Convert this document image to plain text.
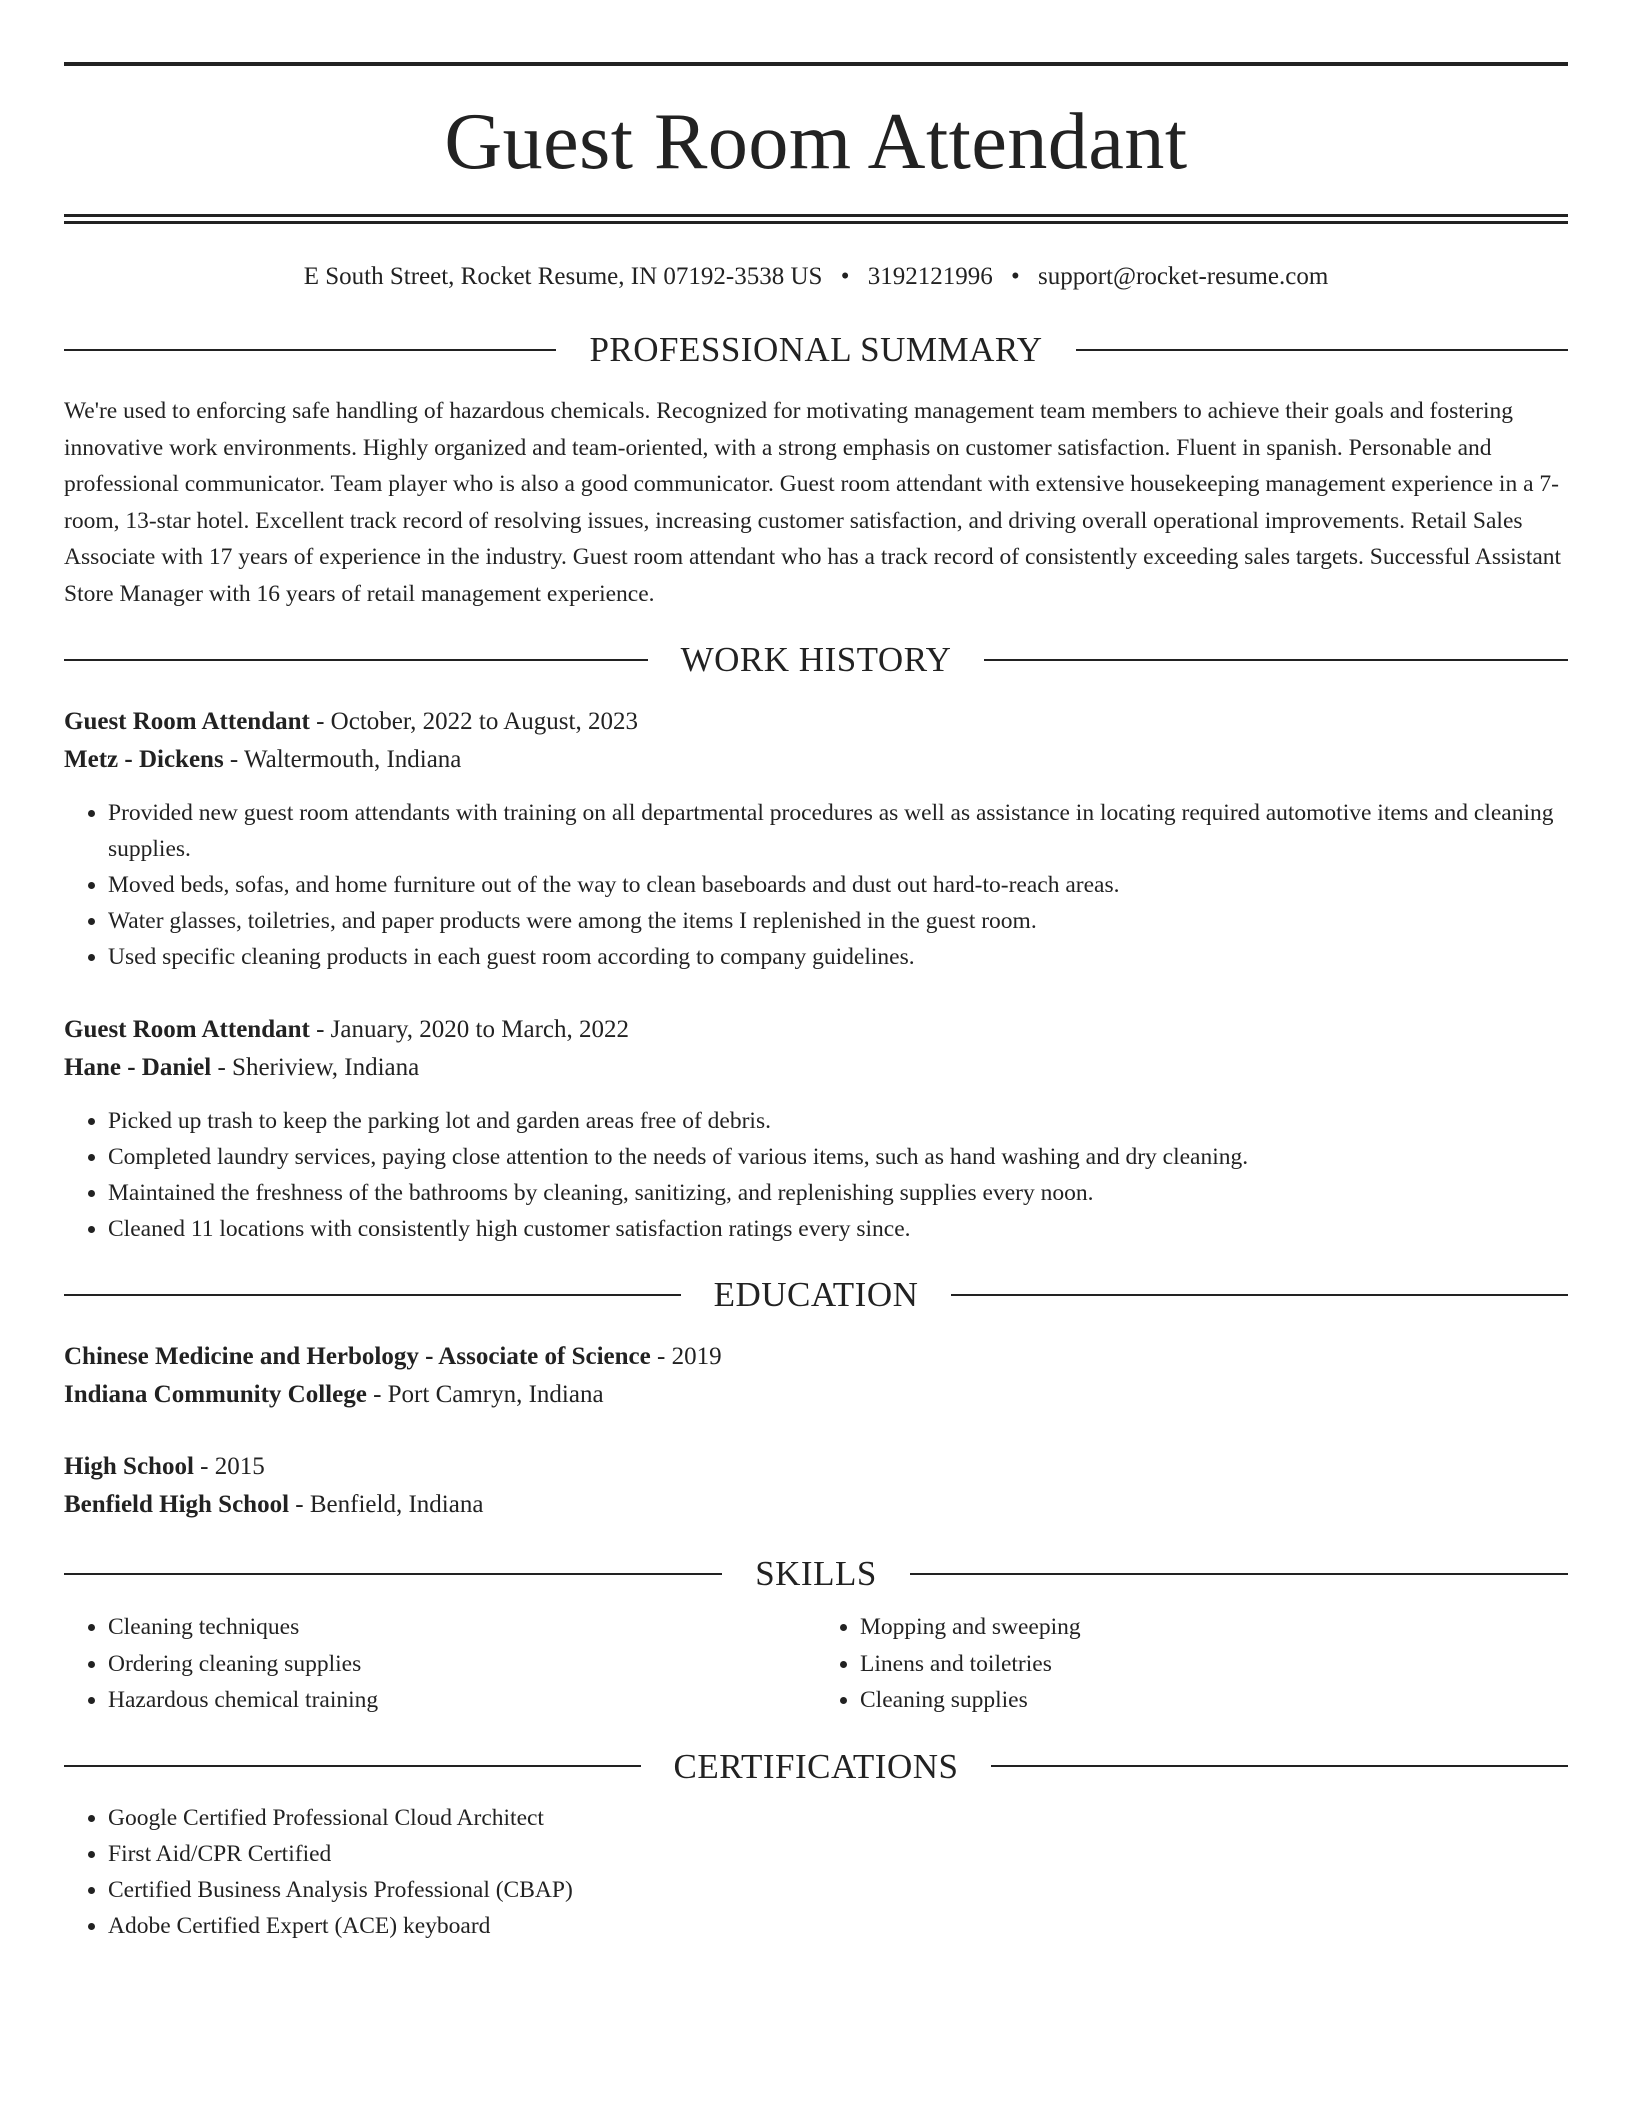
Guest Room Attendant
E South Street, Rocket Resume, IN 07192-3538 US • 3192121996 • support@rocket-resume.com
PROFESSIONAL SUMMARY
We're used to enforcing safe handling of hazardous chemicals. Recognized for motivating management team members to achieve their goals and fostering innovative work environments. Highly organized and team-oriented, with a strong emphasis on customer satisfaction. Fluent in spanish. Personable and professional communicator. Team player who is also a good communicator. Guest room attendant with extensive housekeeping management experience in a 7-room, 13-star hotel. Excellent track record of resolving issues, increasing customer satisfaction, and driving overall operational improvements. Retail Sales Associate with 17 years of experience in the industry. Guest room attendant who has a track record of consistently exceeding sales targets. Successful Assistant Store Manager with 16 years of retail management experience.
WORK HISTORY
Guest Room Attendant - October, 2022 to August, 2023
Metz - Dickens - Waltermouth, Indiana
• Provided new guest room attendants with training on all departmental procedures as well as assistance in locating required automotive items and cleaning supplies.
• Moved beds, sofas, and home furniture out of the way to clean baseboards and dust out hard-to-reach areas.
• Water glasses, toiletries, and paper products were among the items I replenished in the guest room.
• Used specific cleaning products in each guest room according to company guidelines.
Guest Room Attendant - January, 2020 to March, 2022
Hane - Daniel - Sheriview, Indiana
• Picked up trash to keep the parking lot and garden areas free of debris.
• Completed laundry services, paying close attention to the needs of various items, such as hand washing and dry cleaning.
• Maintained the freshness of the bathrooms by cleaning, sanitizing, and replenishing supplies every noon.
• Cleaned 11 locations with consistently high customer satisfaction ratings every since.
EDUCATION
Chinese Medicine and Herbology - Associate of Science - 2019
Indiana Community College - Port Camryn, Indiana
High School - 2015
Benfield High School - Benfield, Indiana
SKILLS
• Cleaning techniques
• Ordering cleaning supplies
• Hazardous chemical training
• Mopping and sweeping
• Linens and toiletries
• Cleaning supplies
CERTIFICATIONS
• Google Certified Professional Cloud Architect
• First Aid/CPR Certified
• Certified Business Analysis Professional (CBAP)
• Adobe Certified Expert (ACE) keyboard
